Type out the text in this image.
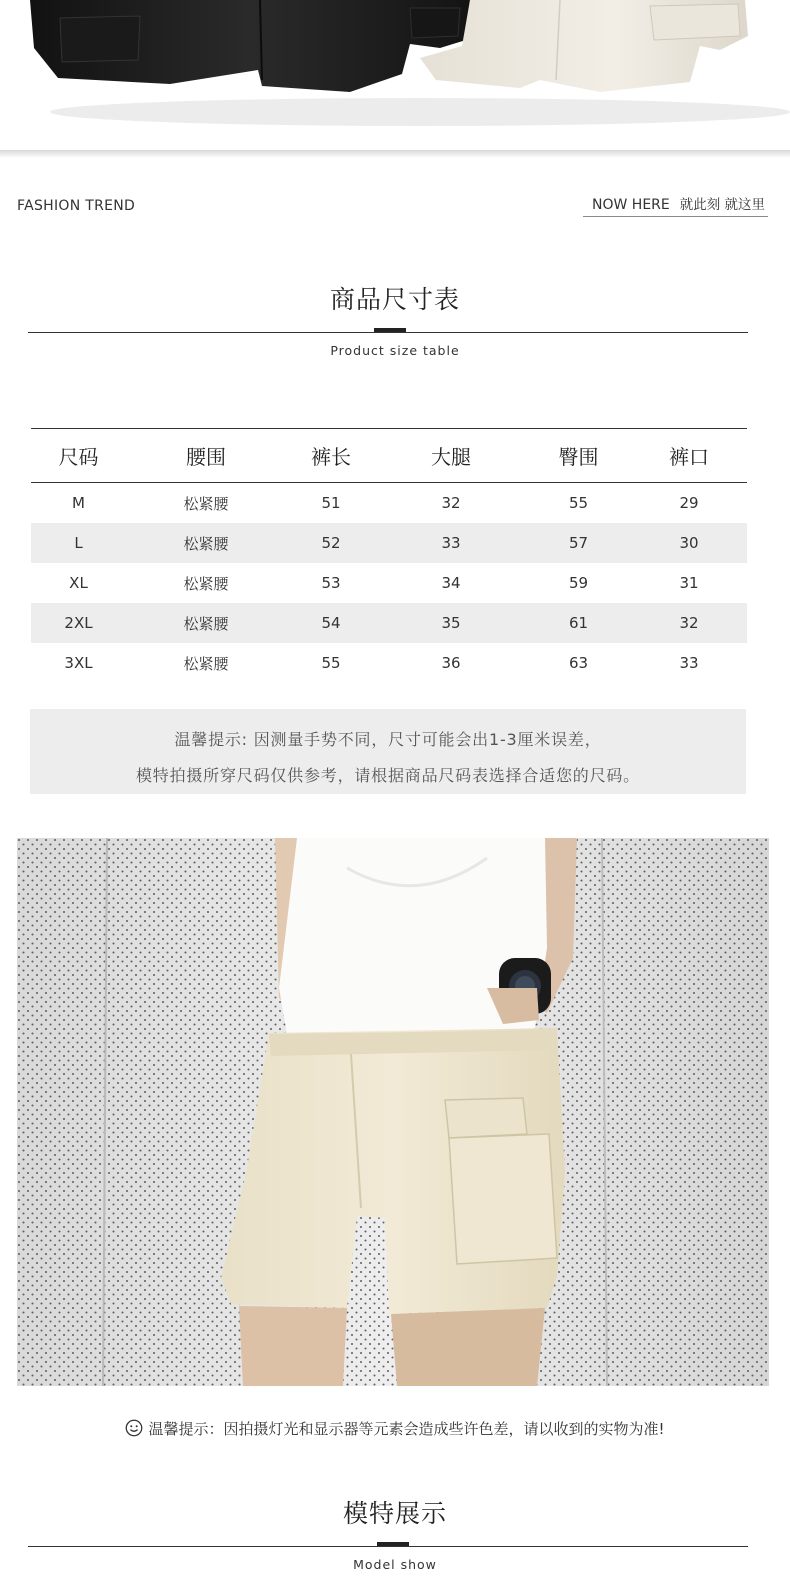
FASHION TREND	NOW HERE 就此刻 就这里
商品尺寸表
Product size table
尺码	腰围	裤长	大腿	臀围	裤口
M	松紧腰	51	32	55	29
L	松紧腰	52	33	57	30
XL	松紧腰	53	34	59	31
2XL	松紧腰	54	35	61	32
3XL	松紧腰	55	36	63	33
温馨提示: 因测量手势不同，尺寸可能会出1-3厘米误差，
模特拍摄所穿尺码仅供参考，请根据商品尺码表选择合适您的尺码。
温馨提示：因拍摄灯光和显示器等元素会造成些许色差，请以收到的实物为准!
模特展示
Model show
